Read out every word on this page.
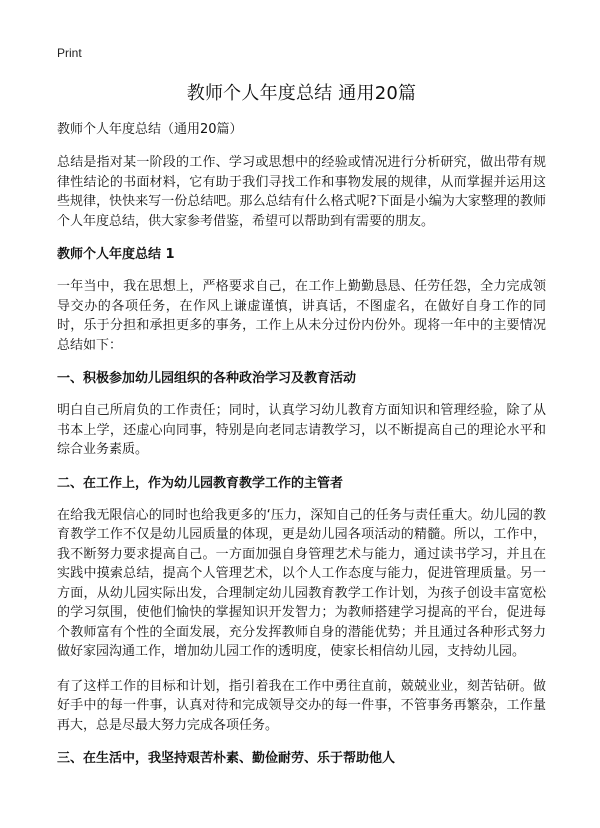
Print
教师个人年度总结 通用20篇
教师个人年度总结（通用20篇）
总结是指对某一阶段的工作、学习或思想中的经验或情况进行分析研究，做出带有规律性结论的书面材料，它有助于我们寻找工作和事物发展的规律，从而掌握并运用这些规律，快快来写一份总结吧。那么总结有什么格式呢?下面是小编为大家整理的教师个人年度总结，供大家参考借鉴，希望可以帮助到有需要的朋友。
教师个人年度总结 1
一年当中，我在思想上，严格要求自己，在工作上勤勤恳恳、任劳任怨，全力完成领导交办的各项任务，在作风上谦虚谨慎，讲真话，不图虚名，在做好自身工作的同时，乐于分担和承担更多的事务，工作上从未分过份内份外。现将一年中的主要情况总结如下：
一、积极参加幼儿园组织的各种政治学习及教育活动
明白自己所肩负的工作责任；同时，认真学习幼儿教育方面知识和管理经验，除了从书本上学，还虚心向同事，特别是向老同志请教学习，以不断提高自己的理论水平和综合业务素质。
二、在工作上，作为幼儿园教育教学工作的主管者
在给我无限信心的同时也给我更多的‘压力，深知自己的任务与责任重大。幼儿园的教育教学工作不仅是幼儿园质量的体现，更是幼儿园各项活动的精髓。所以，工作中，我不断努力要求提高自己。一方面加强自身管理艺术与能力，通过读书学习，并且在实践中摸索总结，提高个人管理艺术，以个人工作态度与能力，促进管理质量。另一方面，从幼儿园实际出发，合理制定幼儿园教育教学工作计划，为孩子创设丰富宽松的学习氛围，使他们愉快的掌握知识开发智力；为教师搭建学习提高的平台，促进每个教师富有个性的全面发展，充分发挥教师自身的潜能优势；并且通过各种形式努力做好家园沟通工作，增加幼儿园工作的透明度，使家长相信幼儿园，支持幼儿园。
有了这样工作的目标和计划，指引着我在工作中勇往直前，兢兢业业，刻苦钻研。做好手中的每一件事，认真对待和完成领导交办的每一件事，不管事务再繁杂，工作量再大，总是尽最大努力完成各项任务。
三、在生活中，我坚持艰苦朴素、勤俭耐劳、乐于帮助他人
